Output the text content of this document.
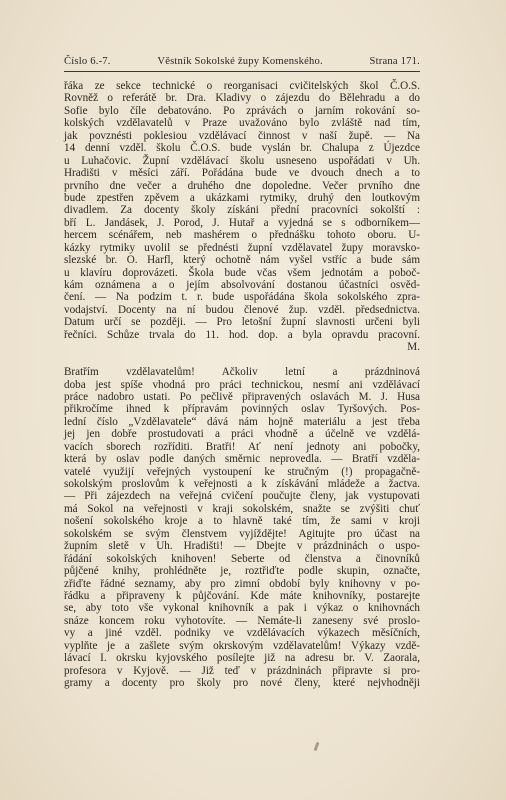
Číslo 6.-7.	Věstník Sokolské župy Komenského.	Strana 171.
řáka ze sekce technické o reorganisaci cvičitelských škol Č.O.S.
Rovněž o referátě br. Dra. Kladivy o zájezdu do Bělehradu a do
Sofie bylo číle debatováno. Po zprávách o jarním rokování so-
kolských vzdělavatelů v Praze uvažováno bylo zvláště nad tím,
jak povznésti poklesiou vzdělávací činnost v naší župě. — Na
14 denní vzděl. školu Č.O.S. bude vyslán br. Chalupa z Újezdce
u Luhačovic. Župní vzdělávací školu usneseno uspořádati v Uh.
Hradišti v měsíci září. Pořádána bude ve dvouch dnech a to
prvního dne večer a druhého dne dopoledne. Večer prvního dne
bude zpestřen zpěvem a ukázkami rytmiky, druhý den loutkovým
divadlem. Za docenty školy získáni přední pracovníci sokolští :
bří L. Jandásek, J. Porod, J. Hutař a vyjedná se s odborníkem—
hercem scénářem, neb mashérem o přednášku tohoto oboru. U-
kázky rytmiky uvolil se přednésti župní vzdělavatel župy moravsko-
slezské br. O. Harfl, který ochotně nám vyšel vstříc a bude sám
u klavíru doprovázeti. Škola bude včas všem jednotám a poboč-
kám oznámena a o jejím absolvování dostanou účastníci osvěd-
čení. — Na podzim t. r. bude uspořádána škola sokolského zpra-
vodajství. Docenty na ní budou členové žup. vzděl. předsednictva.
Datum určí se později. — Pro letošní župní slavnosti určeni byli
řečníci. Schůze trvala do 11. hod. dop. a byla opravdu pracovní.
M.
Bratřím vzdělavatelům! Ačkoliv letní a prázdninová
doba jest spíše vhodná pro práci technickou, nesmí ani vzdělávací
práce nadobro ustati. Po pečlivě připravených oslavách M. J. Husa
přikročíme ihned k přípravám povinných oslav Tyršových. Pos-
lední číslo „Vzdělavatele“ dává nám hojně materiálu a jest třeba
jej jen dobře prostudovati a práci vhodně a účelně ve vzdělá-
vacích sborech rozříditi. Bratři! Ať není jednoty ani pobočky,
která by oslav podle daných směrnic neprovedla. — Bratří vzděla-
vatelé využijí veřejných vystoupení ke stručným (!) propagačně-
sokolským proslovům k veřejnosti a k získávání mládeže a žactva.
— Při zájezdech na veřejná cvičení poučujte členy, jak vystupovati
má Sokol na veřejnosti v kraji sokolském, snažte se zvýšiti chuť
nošení sokolského kroje a to hlavně také tím, že sami v kroji
sokolském se svým členstvem vyjíždějte! Agitujte pro účast na
župním sletě v Uh. Hradišti! — Dbejte v prázdninách o uspo-
řádání sokolských knihoven! Seberte od členstva a činovníků
půjčené knihy, prohlédněte je, roztřiďte podle skupin, označte,
zřiďte řádné seznamy, aby pro zimní období byly knihovny v po-
řádku a připraveny k půjčování. Kde máte knihovníky, postarejte
se, aby toto vše vykonal knihovník a pak i výkaz o knihovnách
snáze koncem roku vyhotovíte. — Nemáte-li zaneseny své proslo-
vy a jiné vzděl. podniky ve vzdělávacích výkazech měsíčních,
vyplňte je a zašlete svým okrskovým vzdělavatelům! Výkazy vzdě-
lávací I. okrsku kyjovského posílejte již na adresu br. V. Zaorala,
profesora v Kyjově. — Již teď v prázdninách připravte si pro-
gramy a docenty pro školy pro nové členy, které nejvhodněji
